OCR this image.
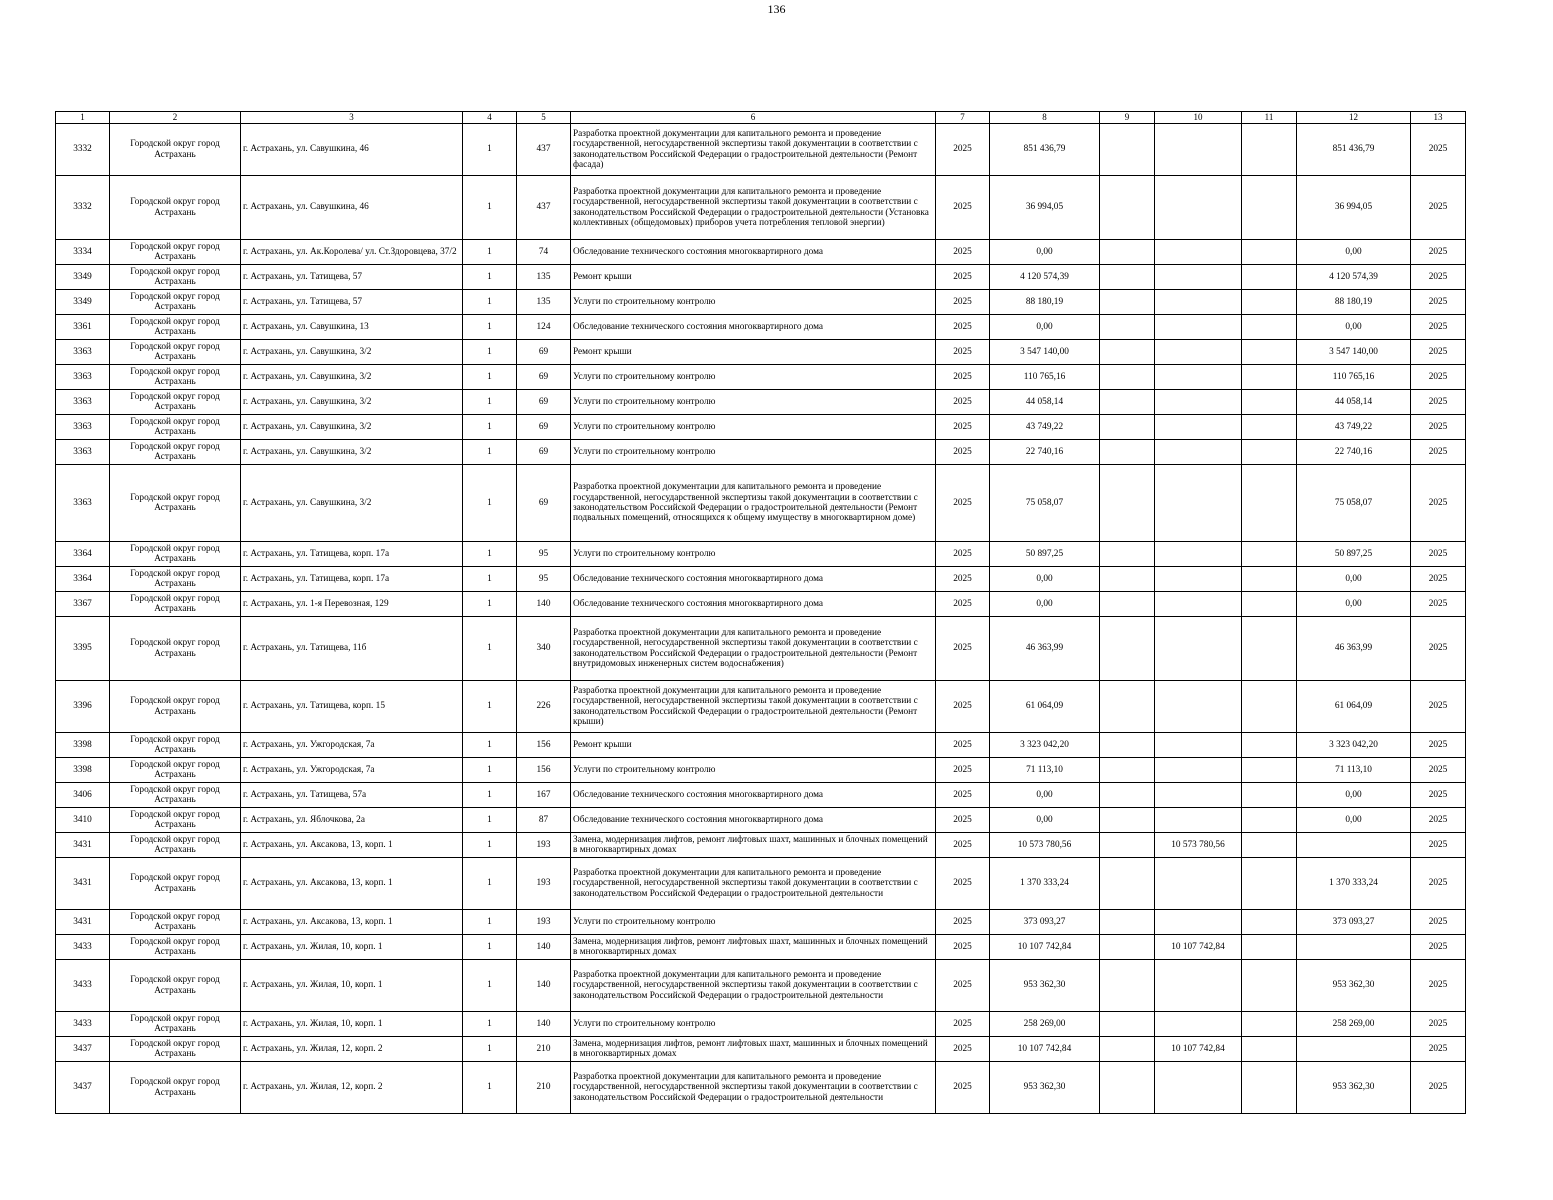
136
1	2	3	4	5	6	7	8	9	10	11	12	13
3332	Городской округ город Астрахань	г. Астрахань, ул. Савушкина, 46	1	437	Разработка проектной документации для капитального ремонта и проведение государственной, негосударственной экспертизы такой документации в соответствии с законодательством Российской Федерации о градостроительной деятельности (Ремонт фасада)	2025	851 436,79				851 436,79	2025
3332	Городской округ город Астрахань	г. Астрахань, ул. Савушкина, 46	1	437	Разработка проектной документации для капитального ремонта и проведение государственной, негосударственной экспертизы такой документации в соответствии с законодательством Российской Федерации о градостроительной деятельности (Установка коллективных (общедомовых) приборов учета потребления тепловой энергии)	2025	36 994,05				36 994,05	2025
3334	Городской округ город Астрахань	г. Астрахань, ул. Ак.Королева/ ул. Ст.Здоровцева, 37/2	1	74	Обследование технического состояния многоквартирного дома	2025	0,00				0,00	2025
3349	Городской округ город Астрахань	г. Астрахань, ул. Татищева, 57	1	135	Ремонт крыши	2025	4 120 574,39				4 120 574,39	2025
3349	Городской округ город Астрахань	г. Астрахань, ул. Татищева, 57	1	135	Услуги по строительному контролю	2025	88 180,19				88 180,19	2025
3361	Городской округ город Астрахань	г. Астрахань, ул. Савушкина, 13	1	124	Обследование технического состояния многоквартирного дома	2025	0,00				0,00	2025
3363	Городской округ город Астрахань	г. Астрахань, ул. Савушкина, 3/2	1	69	Ремонт крыши	2025	3 547 140,00				3 547 140,00	2025
3363	Городской округ город Астрахань	г. Астрахань, ул. Савушкина, 3/2	1	69	Услуги по строительному контролю	2025	110 765,16				110 765,16	2025
3363	Городской округ город Астрахань	г. Астрахань, ул. Савушкина, 3/2	1	69	Услуги по строительному контролю	2025	44 058,14				44 058,14	2025
3363	Городской округ город Астрахань	г. Астрахань, ул. Савушкина, 3/2	1	69	Услуги по строительному контролю	2025	43 749,22				43 749,22	2025
3363	Городской округ город Астрахань	г. Астрахань, ул. Савушкина, 3/2	1	69	Услуги по строительному контролю	2025	22 740,16				22 740,16	2025
3363	Городской округ город Астрахань	г. Астрахань, ул. Савушкина, 3/2	1	69	Разработка проектной документации для капитального ремонта и проведение государственной, негосударственной экспертизы такой документации в соответствии с законодательством Российской Федерации о градостроительной деятельности (Ремонт подвальных помещений, относящихся к общему имуществу в многоквартирном доме)	2025	75 058,07				75 058,07	2025
3364	Городской округ город Астрахань	г. Астрахань, ул. Татищева, корп. 17а	1	95	Услуги по строительному контролю	2025	50 897,25				50 897,25	2025
3364	Городской округ город Астрахань	г. Астрахань, ул. Татищева, корп. 17а	1	95	Обследование технического состояния многоквартирного дома	2025	0,00				0,00	2025
3367	Городской округ город Астрахань	г. Астрахань, ул. 1-я Перевозная, 129	1	140	Обследование технического состояния многоквартирного дома	2025	0,00				0,00	2025
3395	Городской округ город Астрахань	г. Астрахань, ул. Татищева, 11б	1	340	Разработка проектной документации для капитального ремонта и проведение государственной, негосударственной экспертизы такой документации в соответствии с законодательством Российской Федерации о градостроительной деятельности (Ремонт внутридомовых инженерных систем водоснабжения)	2025	46 363,99				46 363,99	2025
3396	Городской округ город Астрахань	г. Астрахань, ул. Татищева, корп. 15	1	226	Разработка проектной документации для капитального ремонта и проведение государственной, негосударственной экспертизы такой документации в соответствии с законодательством Российской Федерации о градостроительной деятельности (Ремонт крыши)	2025	61 064,09				61 064,09	2025
3398	Городской округ город Астрахань	г. Астрахань, ул. Ужгородская, 7а	1	156	Ремонт крыши	2025	3 323 042,20				3 323 042,20	2025
3398	Городской округ город Астрахань	г. Астрахань, ул. Ужгородская, 7а	1	156	Услуги по строительному контролю	2025	71 113,10				71 113,10	2025
3406	Городской округ город Астрахань	г. Астрахань, ул. Татищева, 57а	1	167	Обследование технического состояния многоквартирного дома	2025	0,00				0,00	2025
3410	Городской округ город Астрахань	г. Астрахань, ул. Яблочкова, 2а	1	87	Обследование технического состояния многоквартирного дома	2025	0,00				0,00	2025
3431	Городской округ город Астрахань	г. Астрахань, ул. Аксакова, 13, корп. 1	1	193	Замена, модернизация лифтов, ремонт лифтовых шахт, машинных и блочных помещений в многоквартирных домах	2025	10 573 780,56		10 573 780,56			2025
3431	Городской округ город Астрахань	г. Астрахань, ул. Аксакова, 13, корп. 1	1	193	Разработка проектной документации для капитального ремонта и проведение государственной, негосударственной экспертизы такой документации в соответствии с законодательством Российской Федерации о градостроительной деятельности	2025	1 370 333,24				1 370 333,24	2025
3431	Городской округ город Астрахань	г. Астрахань, ул. Аксакова, 13, корп. 1	1	193	Услуги по строительному контролю	2025	373 093,27				373 093,27	2025
3433	Городской округ город Астрахань	г. Астрахань, ул. Жилая, 10, корп. 1	1	140	Замена, модернизация лифтов, ремонт лифтовых шахт, машинных и блочных помещений в многоквартирных домах	2025	10 107 742,84		10 107 742,84			2025
3433	Городской округ город Астрахань	г. Астрахань, ул. Жилая, 10, корп. 1	1	140	Разработка проектной документации для капитального ремонта и проведение государственной, негосударственной экспертизы такой документации в соответствии с законодательством Российской Федерации о градостроительной деятельности	2025	953 362,30				953 362,30	2025
3433	Городской округ город Астрахань	г. Астрахань, ул. Жилая, 10, корп. 1	1	140	Услуги по строительному контролю	2025	258 269,00				258 269,00	2025
3437	Городской округ город Астрахань	г. Астрахань, ул. Жилая, 12, корп. 2	1	210	Замена, модернизация лифтов, ремонт лифтовых шахт, машинных и блочных помещений в многоквартирных домах	2025	10 107 742,84		10 107 742,84			2025
3437	Городской округ город Астрахань	г. Астрахань, ул. Жилая, 12, корп. 2	1	210	Разработка проектной документации для капитального ремонта и проведение государственной, негосударственной экспертизы такой документации в соответствии с законодательством Российской Федерации о градостроительной деятельности	2025	953 362,30				953 362,30	2025
